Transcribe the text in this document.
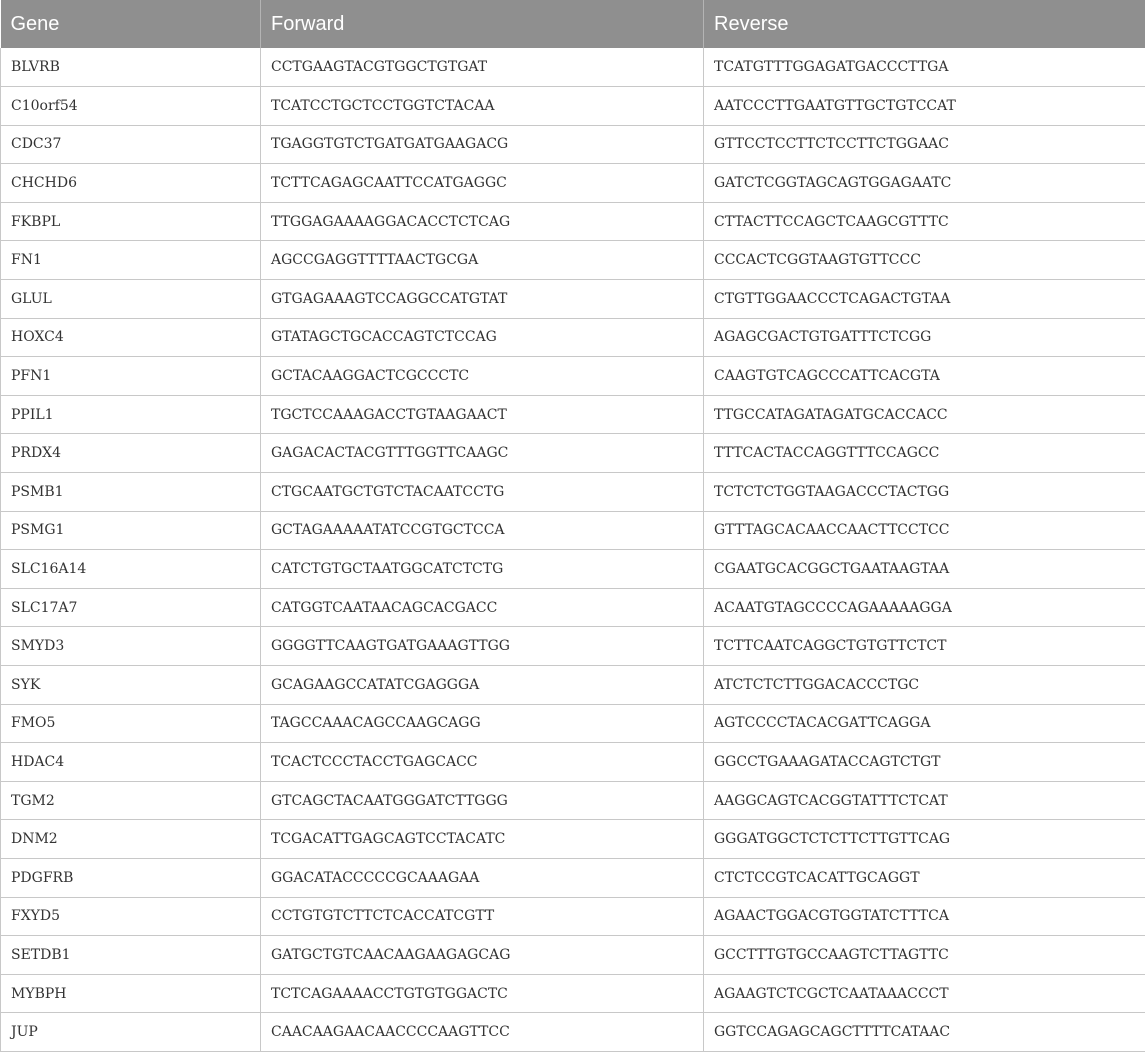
Gene	Forward	Reverse
BLVRB	CCTGAAGTACGTGGCTGTGAT	TCATGTTTGGAGATGACCCTTGA
C10orf54	TCATCCTGCTCCTGGTCTACAA	AATCCCTTGAATGTTGCTGTCCAT
CDC37	TGAGGTGTCTGATGATGAAGACG	GTTCCTCCTTCTCCTTCTGGAAC
CHCHD6	TCTTCAGAGCAATTCCATGAGGC	GATCTCGGTAGCAGTGGAGAATC
FKBPL	TTGGAGAAAAGGACACCTCTCAG	CTTACTTCCAGCTCAAGCGTTTC
FN1	AGCCGAGGTTTTAACTGCGA	CCCACTCGGTAAGTGTTCCC
GLUL	GTGAGAAAGTCCAGGCCATGTAT	CTGTTGGAACCCTCAGACTGTAA
HOXC4	GTATAGCTGCACCAGTCTCCAG	AGAGCGACTGTGATTTCTCGG
PFN1	GCTACAAGGACTCGCCCTC	CAAGTGTCAGCCCATTCACGTA
PPIL1	TGCTCCAAAGACCTGTAAGAACT	TTGCCATAGATAGATGCACCACC
PRDX4	GAGACACTACGTTTGGTTCAAGC	TTTCACTACCAGGTTTCCAGCC
PSMB1	CTGCAATGCTGTCTACAATCCTG	TCTCTCTGGTAAGACCCTACTGG
PSMG1	GCTAGAAAAATATCCGTGCTCCA	GTTTAGCACAACCAACTTCCTCC
SLC16A14	CATCTGTGCTAATGGCATCTCTG	CGAATGCACGGCTGAATAAGTAA
SLC17A7	CATGGTCAATAACAGCACGACC	ACAATGTAGCCCCAGAAAAAGGA
SMYD3	GGGGTTCAAGTGATGAAAGTTGG	TCTTCAATCAGGCTGTGTTCTCT
SYK	GCAGAAGCCATATCGAGGGA	ATCTCTCTTGGACACCCTGC
FMO5	TAGCCAAACAGCCAAGCAGG	AGTCCCCTACACGATTCAGGA
HDAC4	TCACTCCCTACCTGAGCACC	GGCCTGAAAGATACCAGTCTGT
TGM2	GTCAGCTACAATGGGATCTTGGG	AAGGCAGTCACGGTATTTCTCAT
DNM2	TCGACATTGAGCAGTCCTACATC	GGGATGGCTCTCTTCTTGTTCAG
PDGFRB	GGACATACCCCCGCAAAGAA	CTCTCCGTCACATTGCAGGT
FXYD5	CCTGTGTCTTCTCACCATCGTT	AGAACTGGACGTGGTATCTTTCA
SETDB1	GATGCTGTCAACAAGAAGAGCAG	GCCTTTGTGCCAAGTCTTAGTTC
MYBPH	TCTCAGAAAACCTGTGTGGACTC	AGAAGTCTCGCTCAATAAACCCT
JUP	CAACAAGAACAACCCCAAGTTCC	GGTCCAGAGCAGCTTTTCATAAC
